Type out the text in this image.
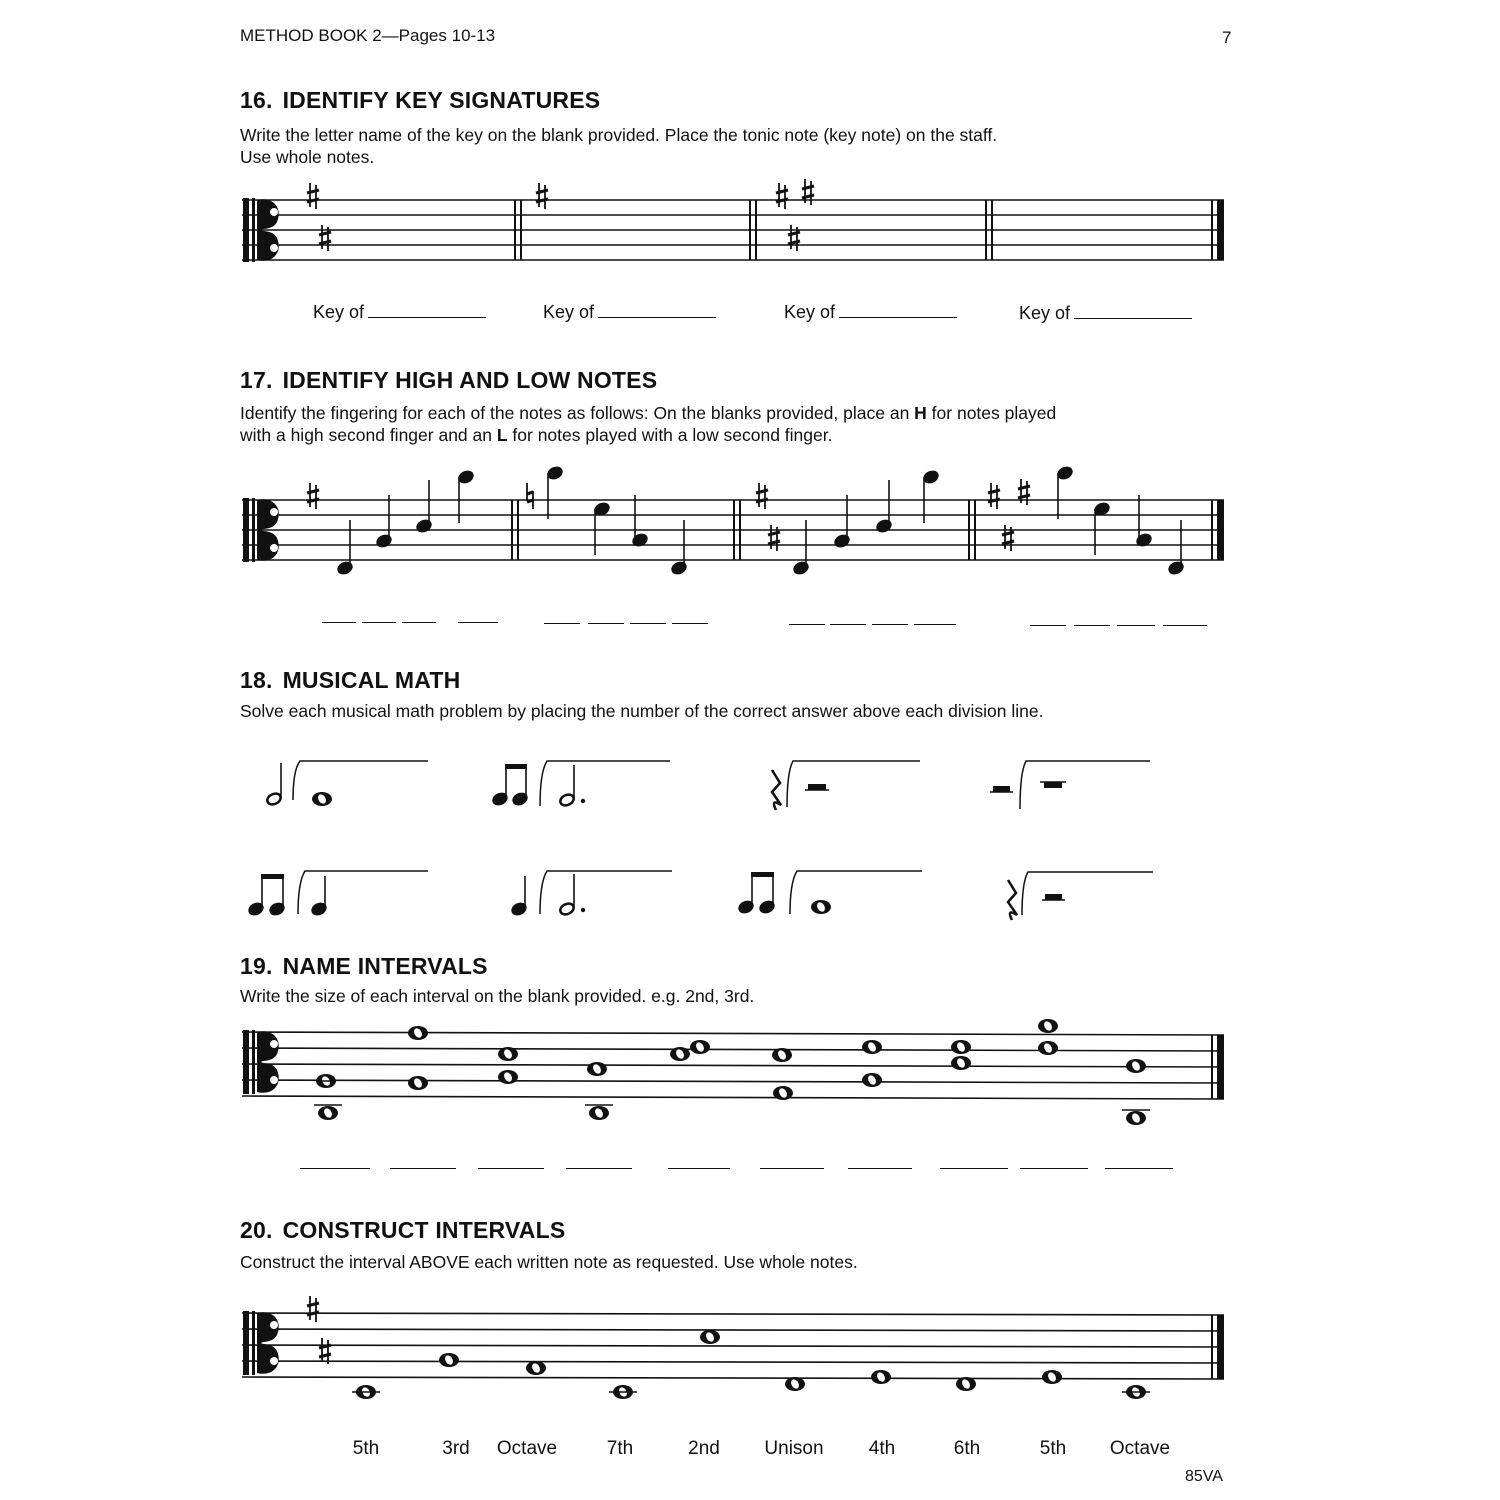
METHOD BOOK 2—Pages 10-13	7
16. IDENTIFY KEY SIGNATURES
Write the letter name of the key on the blank provided. Place the tonic note (key note) on the staff.
Use whole notes.
17. IDENTIFY HIGH AND LOW NOTES
Identify the fingering for each of the notes as follows: On the blanks provided, place an H for notes played
with a high second finger and an L for notes played with a low second finger.
18. MUSICAL MATH
Solve each musical math problem by placing the number of the correct answer above each division line.
19. NAME INTERVALS
Write the size of each interval on the blank provided. e.g. 2nd, 3rd.
20. CONSTRUCT INTERVALS
Construct the interval ABOVE each written note as requested. Use whole notes.
Key of	Key of	Key of	Key of
5th	3rd	Octave	7th	2nd	Unison	4th	6th	5th	Octave
85VA
